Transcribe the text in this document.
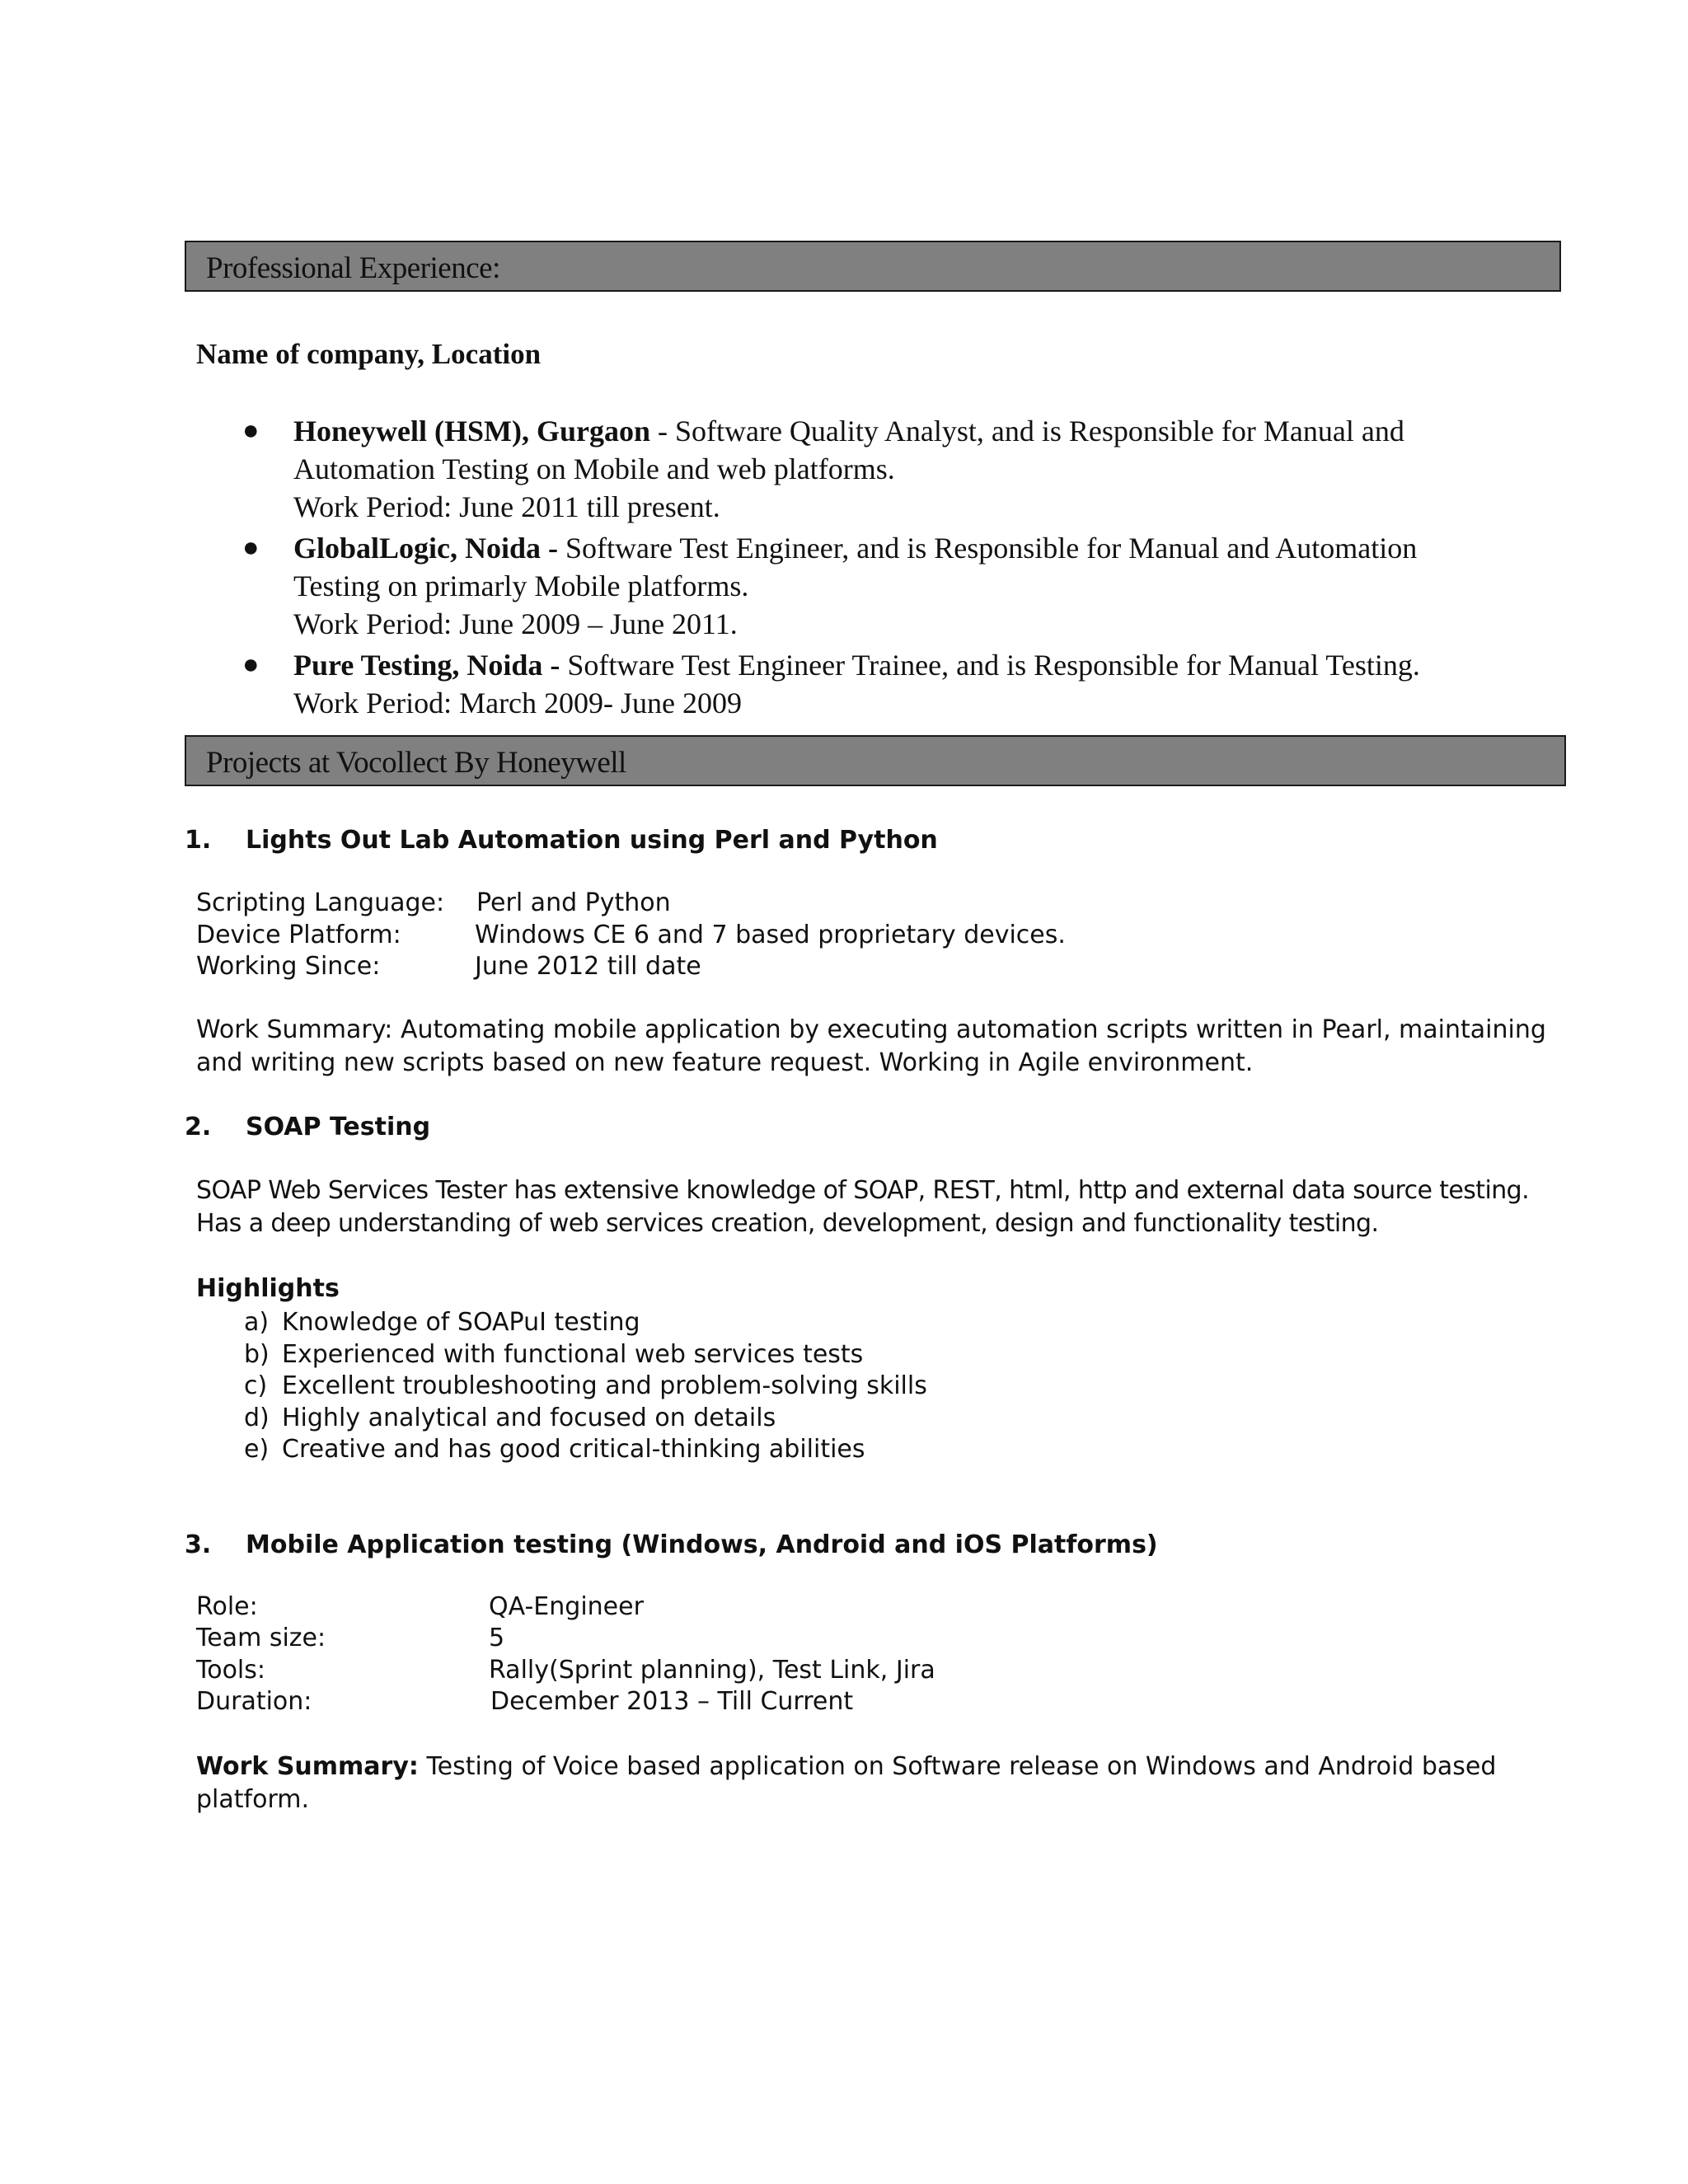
Professional Experience:
Name of company, Location
● Honeywell (HSM), Gurgaon - Software Quality Analyst, and is Responsible for Manual and
Automation Testing on Mobile and web platforms.
Work Period: June 2011 till present.
● GlobalLogic, Noida - Software Test Engineer, and is Responsible for Manual and Automation
Testing on primarly Mobile platforms.
Work Period: June 2009 – June 2011.
● Pure Testing, Noida - Software Test Engineer Trainee, and is Responsible for Manual Testing.
Work Period: March 2009- June 2009
Projects at Vocollect By Honeywell
1. Lights Out Lab Automation using Perl and Python
Scripting Language: Perl and Python
Device Platform:	Windows CE 6 and 7 based proprietary devices.
Working Since:	June 2012 till date
Work Summary: Automating mobile application by executing automation scripts written in Pearl, maintaining
and writing new scripts based on new feature request. Working in Agile environment.
2. SOAP Testing
SOAP Web Services Tester has extensive knowledge of SOAP, REST, html, http and external data source testing.
Has a deep understanding of web services creation, development, design and functionality testing.
Highlights
a) Knowledge of SOAPuI testing
b) Experienced with functional web services tests
c) Excellent troubleshooting and problem-solving skills
d) Highly analytical and focused on details
e) Creative and has good critical-thinking abilities
3. Mobile Application testing (Windows, Android and iOS Platforms)
Role:	QA-Engineer
Team size:	5
Tools:	Rally(Sprint planning), Test Link, Jira
Duration:	December 2013 – Till Current
Work Summary: Testing of Voice based application on Software release on Windows and Android based
platform.
